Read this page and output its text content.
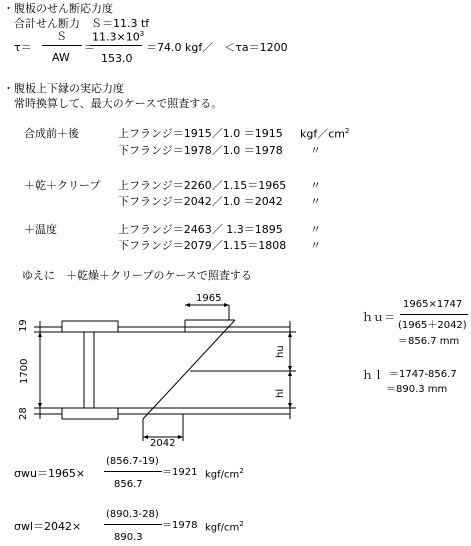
・腹板のせん断応力度
合計せん断力　Ｓ＝11.3 tf
τ＝
Ｓ
AW
＝
$11.3\times 10^3$
153.0
＝74.0 kgf／　＜τa＝1200
・腹板上下縁の実応力度
常時換算して、最大のケースで照査する。
合成前＋後	上フランジ＝1915／1.0 ＝1915 $kgf/cm^2$
下フランジ＝1978／1.0 ＝1978 〃
＋乾＋クリープ 上フランジ＝2260／1.15＝1965 〃
下フランジ＝2042／1.0 ＝2042 〃
＋温度	上フランジ＝2463／ 1.3＝1895 〃
下フランジ＝2079／1.15＝1808 〃
ゆえに　＋乾燥＋クリープのケースで照査する
1965
2042
19
1700
28
hu
hl
ｈｕ＝
1965×1747
(1965＋2042)
＝856.7 mm
ｈｌ ＝1747-856.7
＝890.3 mm
σwu＝1965×
(856.7-19)
856.7
＝1921 kgf/$cm^2$
σwl＝2042×
(890.3-28)
890.3
＝1978 kgf/$cm^2$
